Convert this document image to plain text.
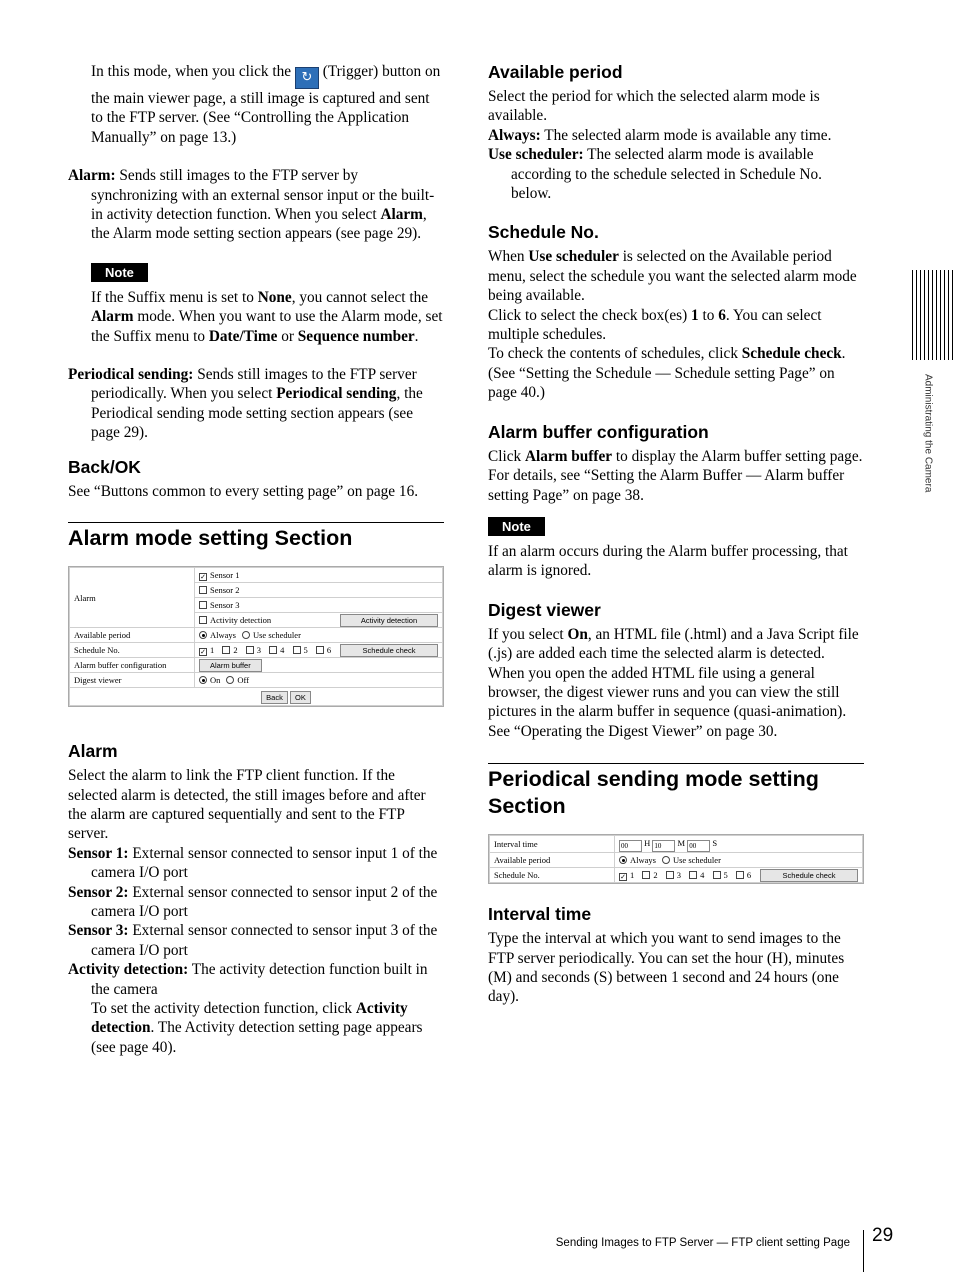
In this mode, when you click the ↻ (Trigger) button on the main viewer page, a still image is captured and sent to the FTP server. (See “Controlling the Application Manually” on page 13.)

Alarm: Sends still images to the FTP server by synchronizing with an external sensor input or the built-in activity detection function. When you select Alarm, the Alarm mode setting section appears (see page 29).

Note

If the Suffix menu is set to None, you cannot select the Alarm mode. When you want to use the Alarm mode, set the Suffix menu to Date/Time or Sequence number.

Periodical sending: Sends still images to the FTP server periodically. When you select Periodical sending, the Periodical sending mode setting section appears (see page 29).

Back/OK

See “Buttons common to every setting page” on page 16.

Alarm mode setting Section
Alarm	✓ Sensor 1	
	Sensor 2	
	Sensor 3	
	Activity detection	Activity detection
Available period	Always Use scheduler	
Schedule No.	✓ 1 2 3 4 5 6	Schedule check
Alarm buffer configuration	Alarm buffer	
Digest viewer	On Off	
Back OK		
Alarm

Select the alarm to link the FTP client function. If the selected alarm is detected, the still images before and after the alarm are captured sequentially and sent to the FTP server.

Sensor 1: External sensor connected to sensor input 1 of the camera I/O port

Sensor 2: External sensor connected to sensor input 2 of the camera I/O port

Sensor 3: External sensor connected to sensor input 3 of the camera I/O port

Activity detection: The activity detection function built in the camera

To set the activity detection function, click Activity detection. The Activity detection setting page appears (see page 40).

Available period

Select the period for which the selected alarm mode is available.

Always: The selected alarm mode is available any time.

Use scheduler: The selected alarm mode is available according to the schedule selected in Schedule No. below.

Schedule No.

When Use scheduler is selected on the Available period menu, select the schedule you want the selected alarm mode being available.

Click to select the check box(es) 1 to 6. You can select multiple schedules.

To check the contents of schedules, click Schedule check. (See “Setting the Schedule — Schedule setting Page” on page 40.)

Alarm buffer configuration

Click Alarm buffer to display the Alarm buffer setting page.

For details, see “Setting the Alarm Buffer — Alarm buffer setting Page” on page 38.

Note

If an alarm occurs during the Alarm buffer processing, that alarm is ignored.

Digest viewer

If you select On, an HTML file (.html) and a Java Script file (.js) are added each time the selected alarm is detected.

When you open the added HTML file using a general browser, the digest viewer runs and you can view the still pictures in the alarm buffer in sequence (quasi-animation).

See “Operating the Digest Viewer” on page 30.

Periodical sending mode setting Section
Interval time	00 H 10 M 00 S	
Available period	Always Use scheduler	
Schedule No.	✓ 1 2 3 4 5 6	Schedule check
Interval time

Type the interval at which you want to send images to the FTP server periodically. You can set the hour (H), minutes (M) and seconds (S) between 1 second and 24 hours (one day).

Administrating the Camera
Sending Images to FTP Server — FTP client setting Page 29
